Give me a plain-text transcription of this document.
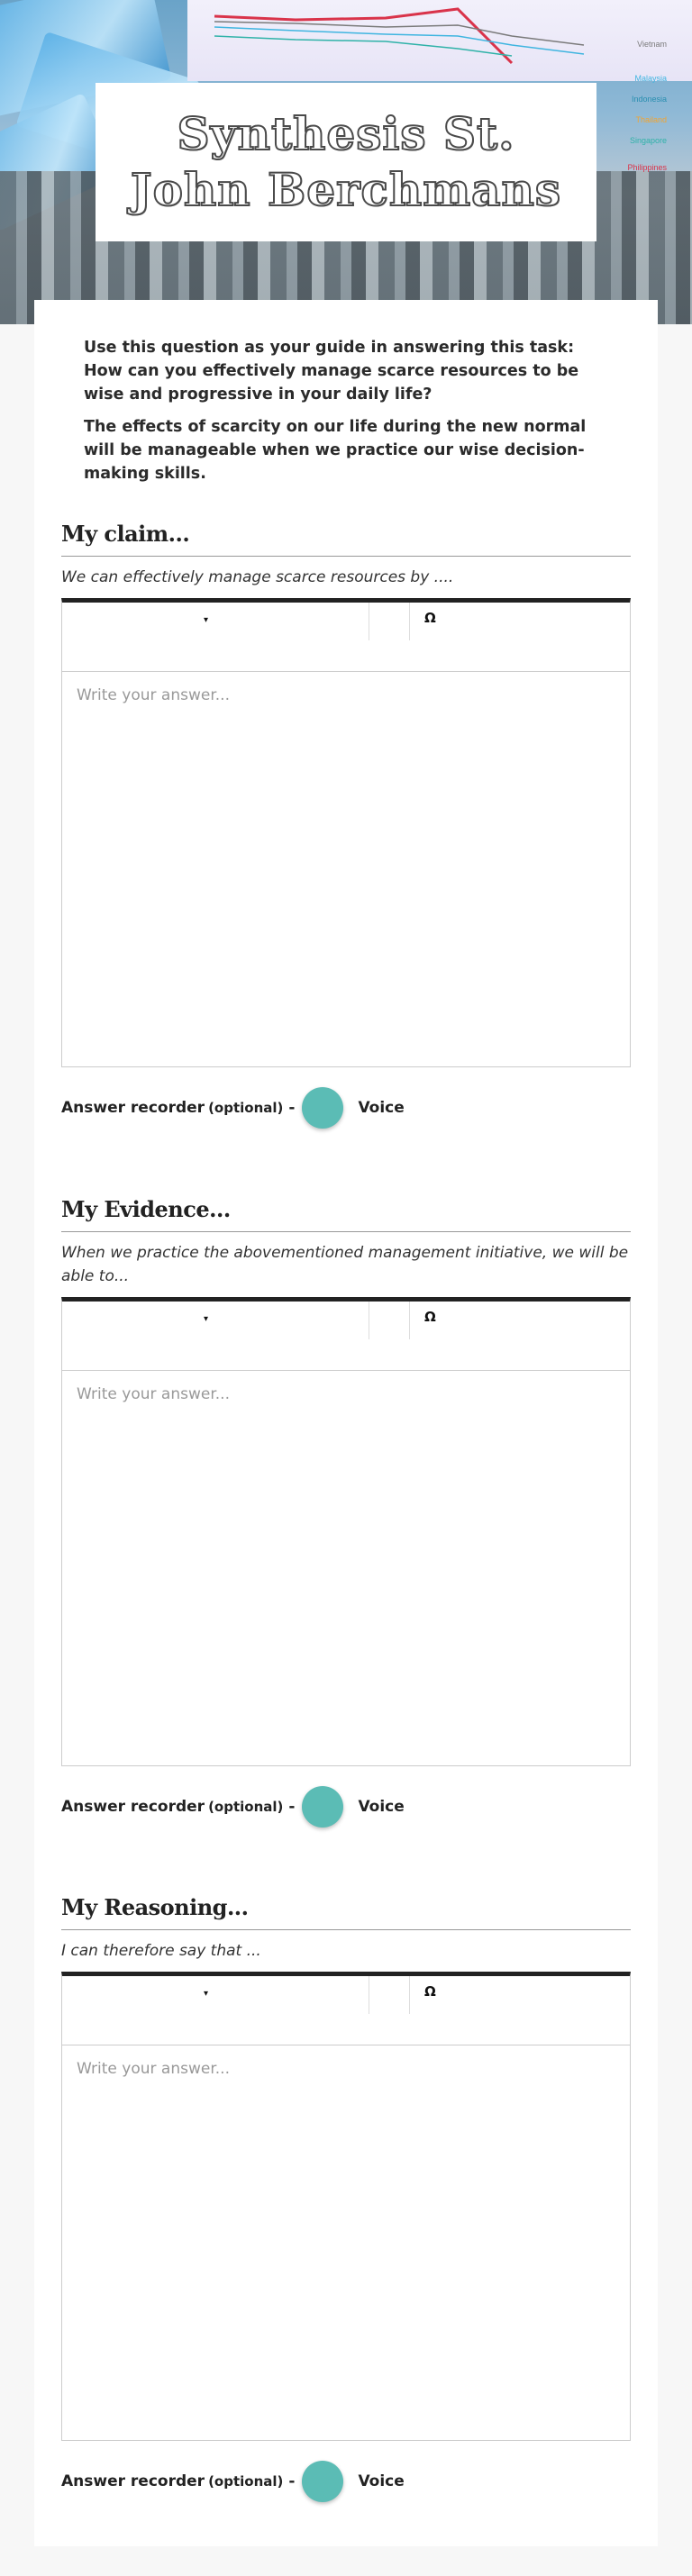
Vietnam
Malaysia
Indonesia
Thailand
Singapore
Philippines
Synthesis St.
John Berchmans

Use this question as your guide in answering this task: How can you effectively manage scarce resources to be wise and progressive in your daily life?

The effects of scarcity on our life during the new normal will be manageable when we practice our wise decision-making skills.

My claim...
We can effectively manage scarce resources by ....
▾	Ω
Write your answer...
Answer recorder (optional) -	Voice
My Evidence...
When we practice the abovementioned management initiative, we will be able to...
▾	Ω
Write your answer...
Answer recorder (optional) -	Voice
My Reasoning...
I can therefore say that ...
▾	Ω
Write your answer...
Answer recorder (optional) -	Voice
